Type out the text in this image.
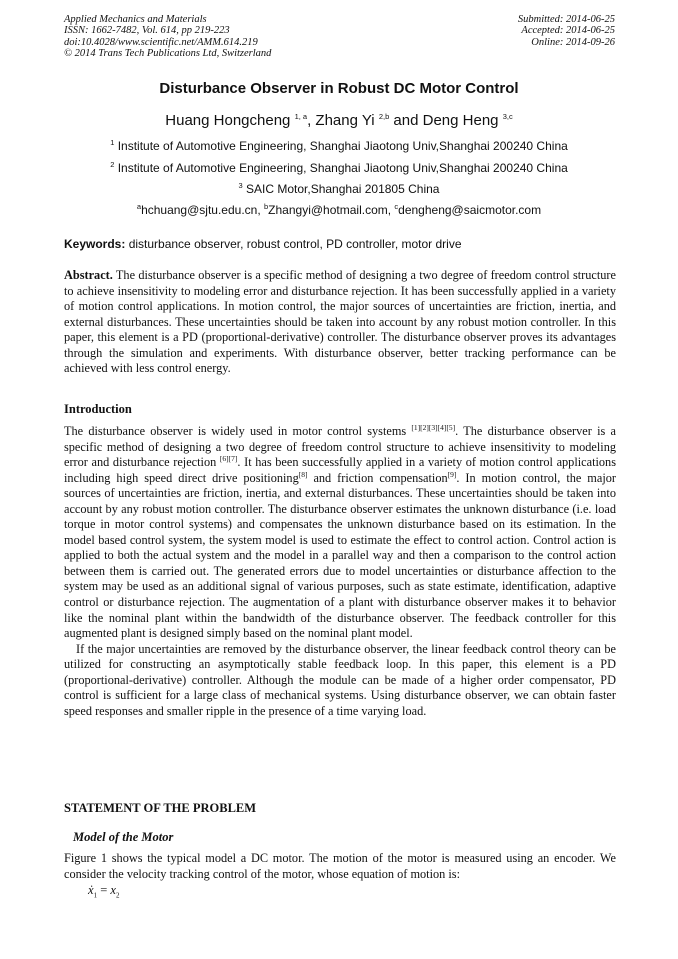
Applied Mechanics and Materials
ISSN: 1662-7482, Vol. 614, pp 219-223
doi:10.4028/www.scientific.net/AMM.614.219
© 2014 Trans Tech Publications Ltd, Switzerland
Submitted: 2014-06-25
Accepted: 2014-06-25
Online: 2014-09-26
Disturbance Observer in Robust DC Motor Control
Huang Hongcheng $^{1, a}$, Zhang Yi $^{2,b}$ and Deng Heng $^{3,c}$
$^1$ Institute of Automotive Engineering, Shanghai Jiaotong Univ,Shanghai 200240 China
$^2$ Institute of Automotive Engineering, Shanghai Jiaotong Univ,Shanghai 200240 China
$^3$ SAIC Motor,Shanghai 201805 China
$^a$hchuang@sjtu.edu.cn, $^b$Zhangyi@hotmail.com, $^c$dengheng@saicmotor.com
Keywords: disturbance observer, robust control, PD controller, motor drive

Abstract. The disturbance observer is a specific method of designing a two degree of freedom control structure to achieve insensitivity to modeling error and disturbance rejection. It has been successfully applied in a variety of motion control applications. In motion control, the major sources of uncertainties are friction, inertia, and external disturbances. These uncertainties should be taken into account by any robust motion controller. In this paper, this element is a PD (proportional-derivative) controller. The disturbance observer proves its advantages through the simulation and experiments. With disturbance observer, better tracking performance can be achieved with less control energy.

Introduction

The disturbance observer is widely used in motor control systems [1][2][3][4][5]. The disturbance observer is a specific method of designing a two degree of freedom control structure to achieve insensitivity to modeling error and disturbance rejection [6][7]. It has been successfully applied in a variety of motion control applications including high speed direct drive positioning[8] and friction compensation[9]. In motion control, the major sources of uncertainties are friction, inertia, and external disturbances. These uncertainties should be taken into account by any robust motion controller. The disturbance observer estimates the unknown disturbance (i.e. load torque in motor control systems) and compensates the unknown disturbance based on its estimation. In the model based control system, the system model is used to estimate the effect to control action. Control action is applied to both the actual system and the model in a parallel way and then a comparison to the control action between them is carried out. The generated errors due to model uncertainties or disturbance affection to the system may be used as an additional signal of various purposes, such as state estimate, identification, adaptive control or disturbance rejection. The augmentation of a plant with disturbance observer makes it to behavior like the nominal plant within the bandwidth of the disturbance observer. The feedback controller for this augmented plant is designed simply based on the nominal plant model.

If the major uncertainties are removed by the disturbance observer, the linear feedback control theory can be utilized for constructing an asymptotically stable feedback loop. In this paper, this element is a PD (proportional-derivative) controller. Although the module can be made of a higher order compensator, PD control is sufficient for a large class of mechanical systems. Using disturbance observer, we can obtain faster speed responses and smaller ripple in the presence of a time varying load.

STATEMENT OF THE PROBLEM
Model of the Motor
Figure 1 shows the typical model a DC motor. The motion of the motor is measured using an encoder. We consider the velocity tracking control of the motor, whose equation of motion is:
ẋ$_1$ = $x_2$
